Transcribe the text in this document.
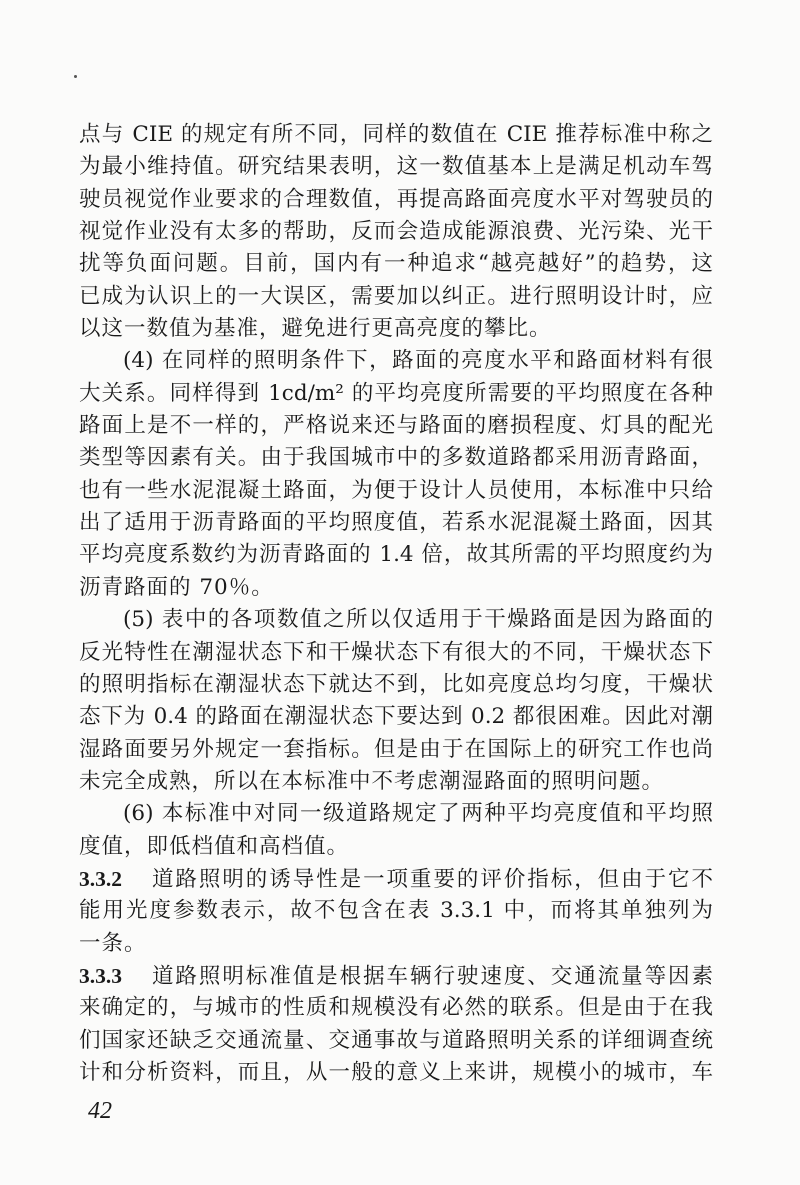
点与 CIE 的规定有所不同，同样的数值在 CIE 推荐标准中称之
为最小维持值。研究结果表明，这一数值基本上是满足机动车驾
驶员视觉作业要求的合理数值，再提高路面亮度水平对驾驶员的
视觉作业没有太多的帮助，反而会造成能源浪费、光污染、光干
扰等负面问题。目前，国内有一种追求“越亮越好”的趋势，这
已成为认识上的一大误区，需要加以纠正。进行照明设计时，应
以这一数值为基准，避免进行更高亮度的攀比。
(4) 在同样的照明条件下，路面的亮度水平和路面材料有很
大关系。同样得到 1cd/m² 的平均亮度所需要的平均照度在各种
路面上是不一样的，严格说来还与路面的磨损程度、灯具的配光
类型等因素有关。由于我国城市中的多数道路都采用沥青路面，
也有一些水泥混凝土路面，为便于设计人员使用，本标准中只给
出了适用于沥青路面的平均照度值，若系水泥混凝土路面，因其
平均亮度系数约为沥青路面的 1.4 倍，故其所需的平均照度约为
沥青路面的 70％。
(5) 表中的各项数值之所以仅适用于干燥路面是因为路面的
反光特性在潮湿状态下和干燥状态下有很大的不同，干燥状态下
的照明指标在潮湿状态下就达不到，比如亮度总均匀度，干燥状
态下为 0.4 的路面在潮湿状态下要达到 0.2 都很困难。因此对潮
湿路面要另外规定一套指标。但是由于在国际上的研究工作也尚
未完全成熟，所以在本标准中不考虑潮湿路面的照明问题。
(6) 本标准中对同一级道路规定了两种平均亮度值和平均照
度值，即低档值和高档值。
3.3.2 道路照明的诱导性是一项重要的评价指标，但由于它不
能用光度参数表示，故不包含在表 3.3.1 中，而将其单独列为
一条。
3.3.3 道路照明标准值是根据车辆行驶速度、交通流量等因素
来确定的，与城市的性质和规模没有必然的联系。但是由于在我
们国家还缺乏交通流量、交通事故与道路照明关系的详细调查统
计和分析资料，而且，从一般的意义上来讲，规模小的城市，车
42
